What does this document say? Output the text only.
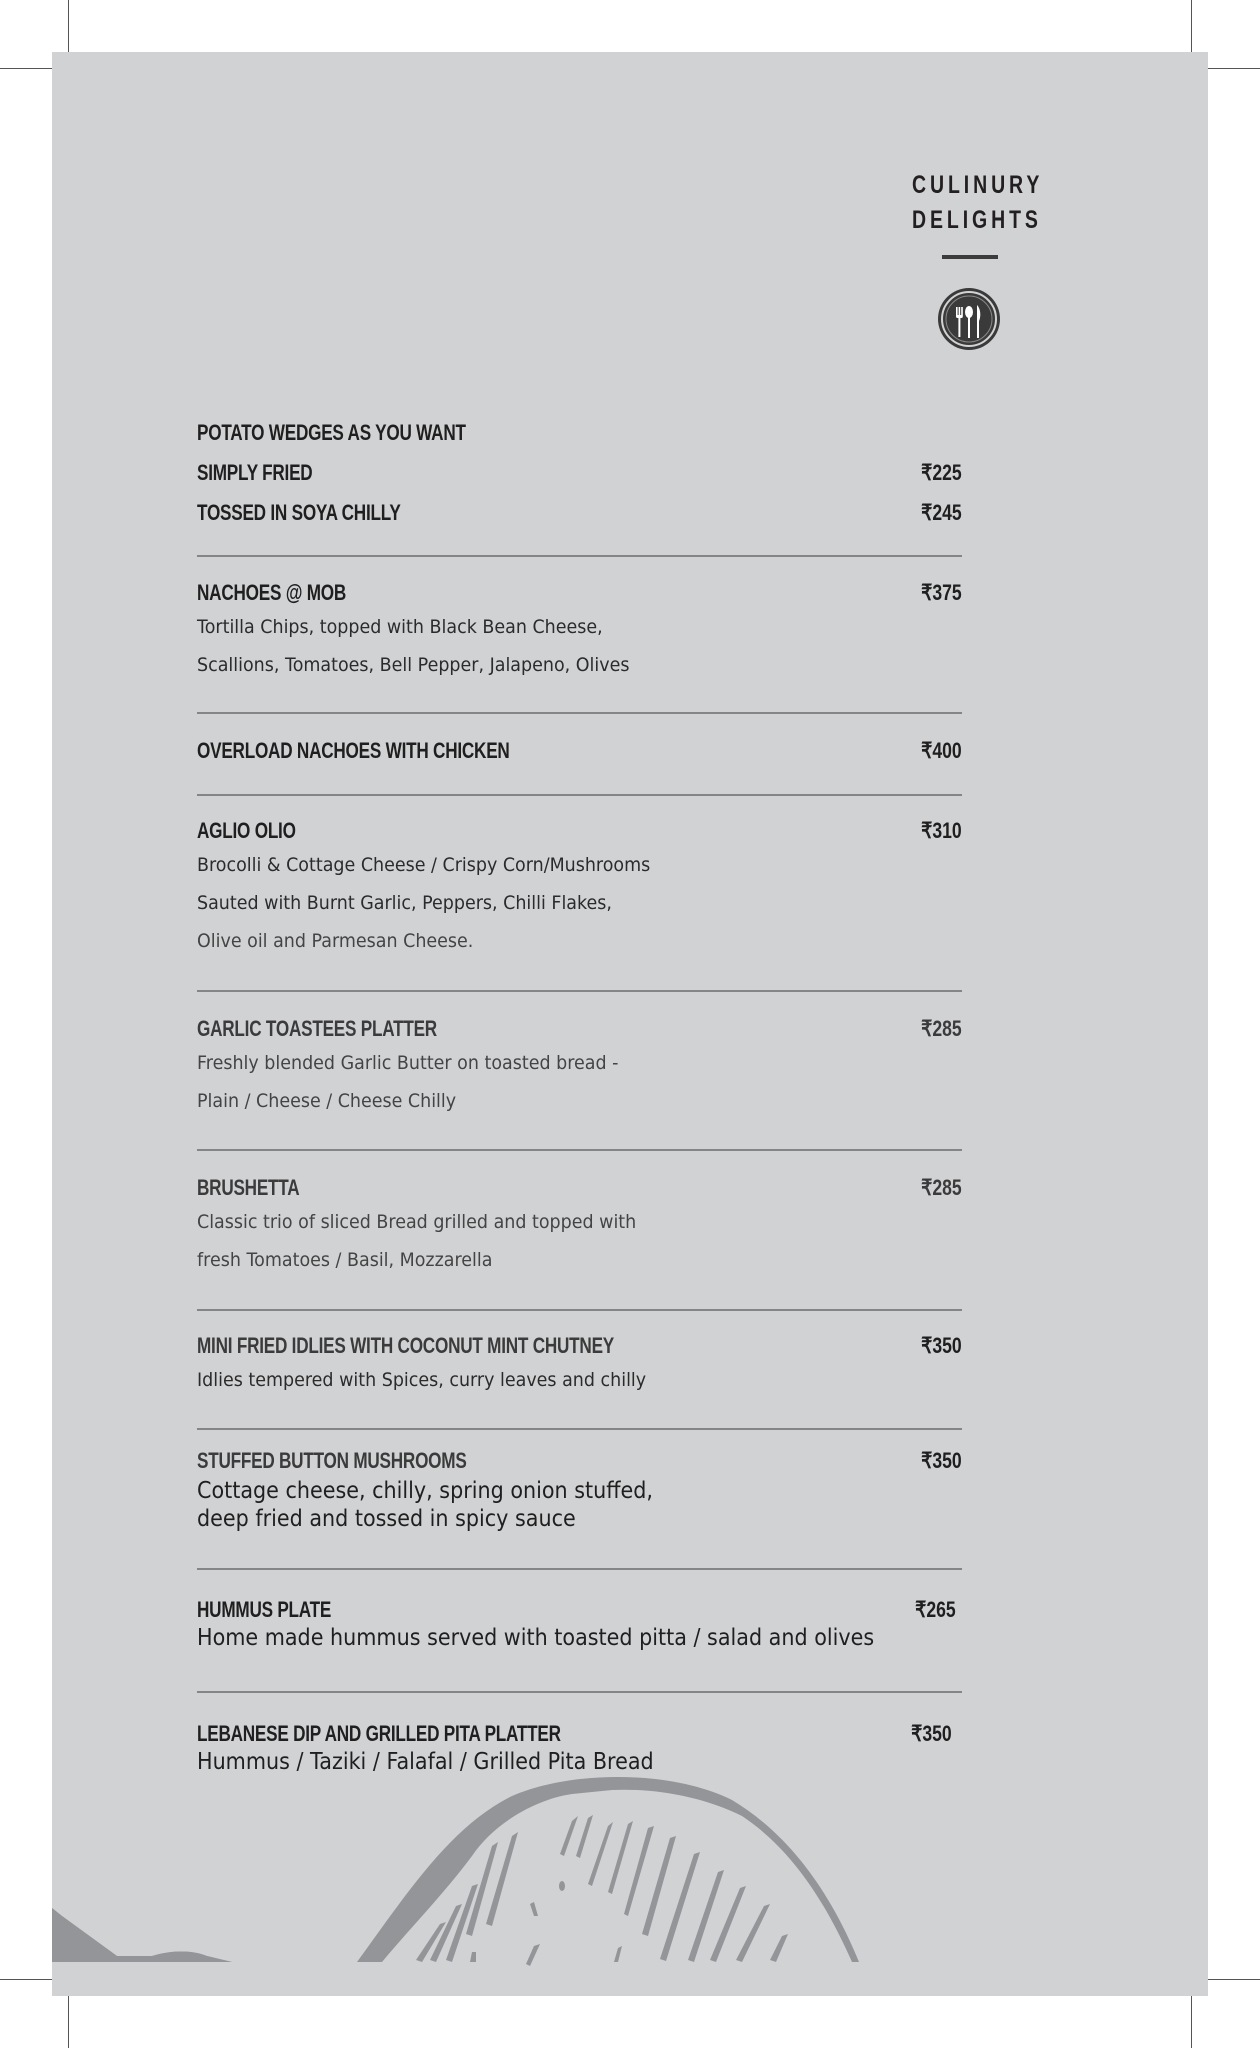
CULINURY
DELIGHTS
POTATO WEDGES AS YOU WANT
SIMPLY FRIED	₹225
TOSSED IN SOYA CHILLY	₹245
NACHOES @ MOB	₹375
Tortilla Chips, topped with Black Bean Cheese,
Scallions, Tomatoes, Bell Pepper, Jalapeno, Olives
OVERLOAD NACHOES WITH CHICKEN	₹400
AGLIO OLIO	₹310
Brocolli & Cottage Cheese / Crispy Corn/Mushrooms
Sauted with Burnt Garlic, Peppers, Chilli Flakes,
Olive oil and Parmesan Cheese.
GARLIC TOASTEES PLATTER	₹285
Freshly blended Garlic Butter on toasted bread -
Plain / Cheese / Cheese Chilly
BRUSHETTA	₹285
Classic trio of sliced Bread grilled and topped with
fresh Tomatoes / Basil, Mozzarella
MINI FRIED IDLIES WITH COCONUT MINT CHUTNEY	₹350
Idlies tempered with Spices, curry leaves and chilly
STUFFED BUTTON MUSHROOMS	₹350
Cottage cheese, chilly, spring onion stuffed,
deep fried and tossed in spicy sauce
HUMMUS PLATE	₹265
Home made hummus served with toasted pitta / salad and olives
LEBANESE DIP AND GRILLED PITA PLATTER	₹350
Hummus / Taziki / Falafal / Grilled Pita Bread
